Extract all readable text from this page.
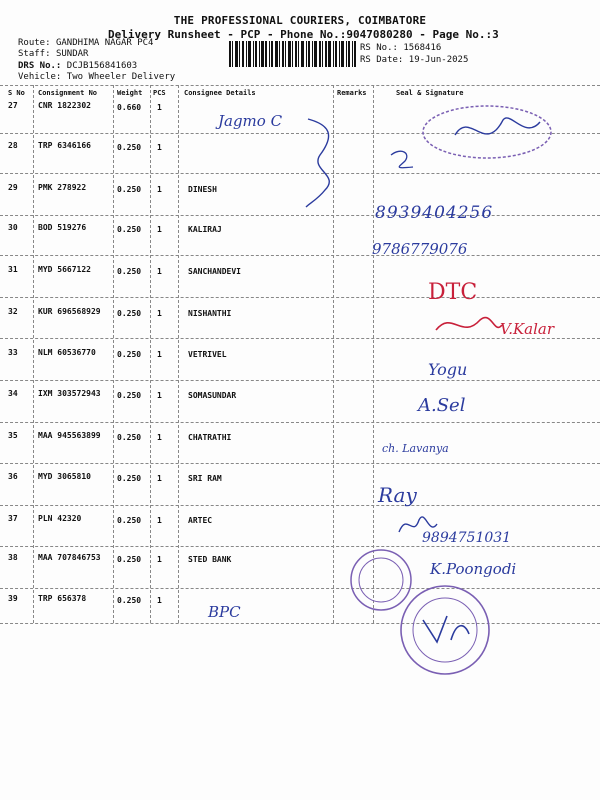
THE PROFESSIONAL COURIERS, COIMBATORE
Delivery Runsheet - PCP - Phone No.:9047080280 - Page No.:3
Route: GANDHIMA NAGAR PC4
Staff: SUNDAR
DRS No.: DCJB156841603
Vehicle: Two Wheeler Delivery
RS No.: 1568416
RS Date: 19-Jun-2025
S No Consignment No	Weight PCS	Consignee Details	Remarks	Seal & Signature
27	CNR 1822302	0.660 1
28	TRP 6346166	0.250 1
29	PMK 278922	0.250 1	DINESH
30	BOD 519276	0.250 1	KALIRAJ
31	MYD 5667122	0.250 1	SANCHANDEVI
32	KUR 696568929 0.250 1	NISHANTHI
33	NLM 60536770	0.250 1	VETRIVEL
34	IXM 303572943 0.250 1	SOMASUNDAR
35	MAA 945563899 0.250 1	CHATRATHI
36	MYD 3065810	0.250 1	SRI RAM
37	PLN 42320	0.250 1	ARTEC
38	MAA 707846753 0.250 1	STED BANK
39	TRP 656378	0.250 1
Jagmo C
8939404256
9786779076
DTC
V.Kalar
Yogu
A.Sel
ch. Lavanya
Ray
9894751031
K.Poongodi
BPC
